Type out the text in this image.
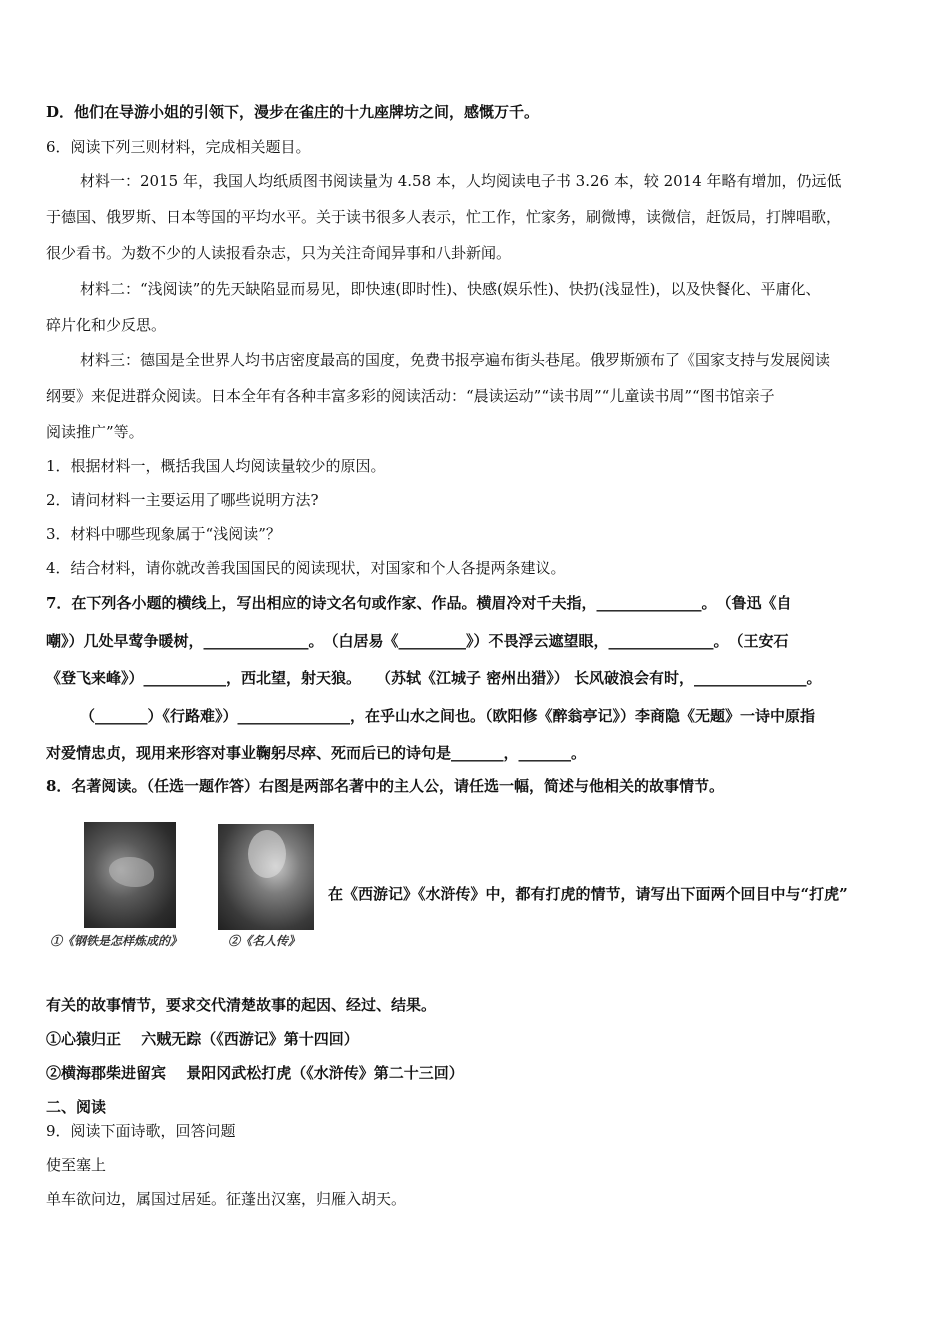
D．他们在导游小姐的引领下，漫步在雀庄的十九座牌坊之间，感慨万千。
6．阅读下列三则材料，完成相关题目。
材料一：2015 年，我国人均纸质图书阅读量为 4.58 本，人均阅读电子书 3.26 本，较 2014 年略有增加，仍远低
于德国、俄罗斯、日本等国的平均水平。关于读书很多人表示，忙工作，忙家务，刷微博，读微信，赶饭局，打牌唱歌，
很少看书。为数不少的人读报看杂志，只为关注奇闻异事和八卦新闻。
材料二：“浅阅读”的先天缺陷显而易见，即快速(即时性)、快感(娱乐性)、快扔(浅显性)，以及快餐化、平庸化、
碎片化和少反思。
材料三：德国是全世界人均书店密度最高的国度，免费书报亭遍布街头巷尾。俄罗斯颁布了《国家支持与发展阅读
纲要》来促进群众阅读。日本全年有各种丰富多彩的阅读活动：“晨读运动”“读书周”“儿童读书周”“图书馆亲子
阅读推广”等。
1．根据材料一，概括我国人均阅读量较少的原因。
2．请问材料一主要运用了哪些说明方法?
3．材料中哪些现象属于“浅阅读”？
4．结合材料，请你就改善我国国民的阅读现状，对国家和个人各提两条建议。
7．在下列各小题的横线上，写出相应的诗文名句或作家、作品。横眉冷对千夫指，______________。　（鲁迅《自
嘲》）几处早莺争暖树，______________。　（白居易《_________》）不畏浮云遮望眼，______________。　（王安石
《登飞来峰》）___________，西北望，射天狼。　　（苏轼《江城子 密州出猎》） 长风破浪会有时，_______________。
（_______）《行路难》）_______________，在乎山水之间也。（欧阳修《醉翁亭记》）李商隐《无题》一诗中原指
对爱情忠贞，现用来形容对事业鞠躬尽瘁、死而后已的诗句是_______，_______。
8．名著阅读。（任选一题作答）右图是两部名著中的主人公，请任选一幅，简述与他相关的故事情节。
①《钢铁是怎样炼成的》	②《名人传》
在《西游记》《水浒传》中，都有打虎的情节，请写出下面两个回目中与“打虎”
有关的故事情节，要求交代清楚故事的起因、经过、结果。
①心猿归正　 六贼无踪（《西游记》第十四回）
②横海郡柴进留宾　 景阳冈武松打虎（《水浒传》第二十三回）
二、阅读
9．阅读下面诗歌，回答问题
使至塞上
单车欲问边，属国过居延。征蓬出汉塞，归雁入胡天。
